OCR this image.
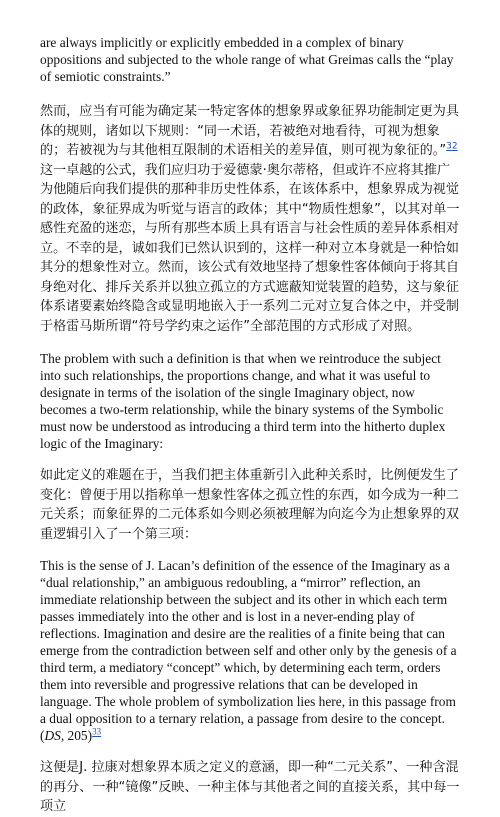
are always implicitly or explicitly embedded in a complex of binary oppositions and subjected to the whole range of what Greimas calls the “play of semiotic constraints.”

然而，应当有可能为确定某一特定客体的想象界或象征界功能制定更为具体的规则，诸如以下规则：“同一术语，若被绝对地看待，可视为想象的；若被视为与其他相互限制的术语相关的差异值，则可视为象征的。”$^{32}$ 这一卓越的公式，我们应归功于爱德蒙·奥尔蒂格，但或许不应将其推广为他随后向我们提供的那种非历史性体系，在该体系中，想象界成为视觉的政体，象征界成为听觉与语言的政体；其中“物质性想象”，以其对单一感性充盈的迷恋，与所有那些本质上具有语言与社会性质的差异体系相对立。不幸的是，诚如我们已然认识到的，这样一种对立本身就是一种恰如其分的想象性对立。然而，该公式有效地坚持了想象性客体倾向于将其自身绝对化、排斥关系并以独立孤立的方式遮蔽知觉装置的趋势，这与象征体系诸要素始终隐含或显明地嵌入于一系列二元对立复合体之中，并受制于格雷马斯所谓“符号学约束之运作”全部范围的方式形成了对照。

The problem with such a definition is that when we reintroduce the subject into such relationships, the proportions change, and what it was useful to designate in terms of the isolation of the single Imaginary object, now becomes a two-term relationship, while the binary systems of the Symbolic must now be understood as introducing a third term into the hitherto duplex logic of the Imaginary:

如此定义的难题在于，当我们把主体重新引入此种关系时，比例便发生了变化：曾便于用以指称单一想象性客体之孤立性的东西，如今成为一种二元关系；而象征界的二元体系如今则必须被理解为向迄今为止想象界的双重逻辑引入了一个第三项：

This is the sense of J. Lacan’s definition of the essence of the Imaginary as a “dual relationship,” an ambiguous redoubling, a “mirror” reflection, an immediate relationship between the subject and its other in which each term passes immediately into the other and is lost in a never-ending play of reflections. Imagination and desire are the realities of a finite being that can emerge from the contradiction between self and other only by the genesis of a third term, a mediatory “concept” which, by determining each term, orders them into reversible and progressive relations that can be developed in language. The whole problem of symbolization lies here, in this passage from a dual opposition to a ternary relation, a passage from desire to the concept. (DS, 205)$^{33}$

这便是J. 拉康对想象界本质之定义的意涵，即一种“二元关系”、一种含混的再分、一种“镜像”反映、一种主体与其他者之间的直接关系，其中每一项立
